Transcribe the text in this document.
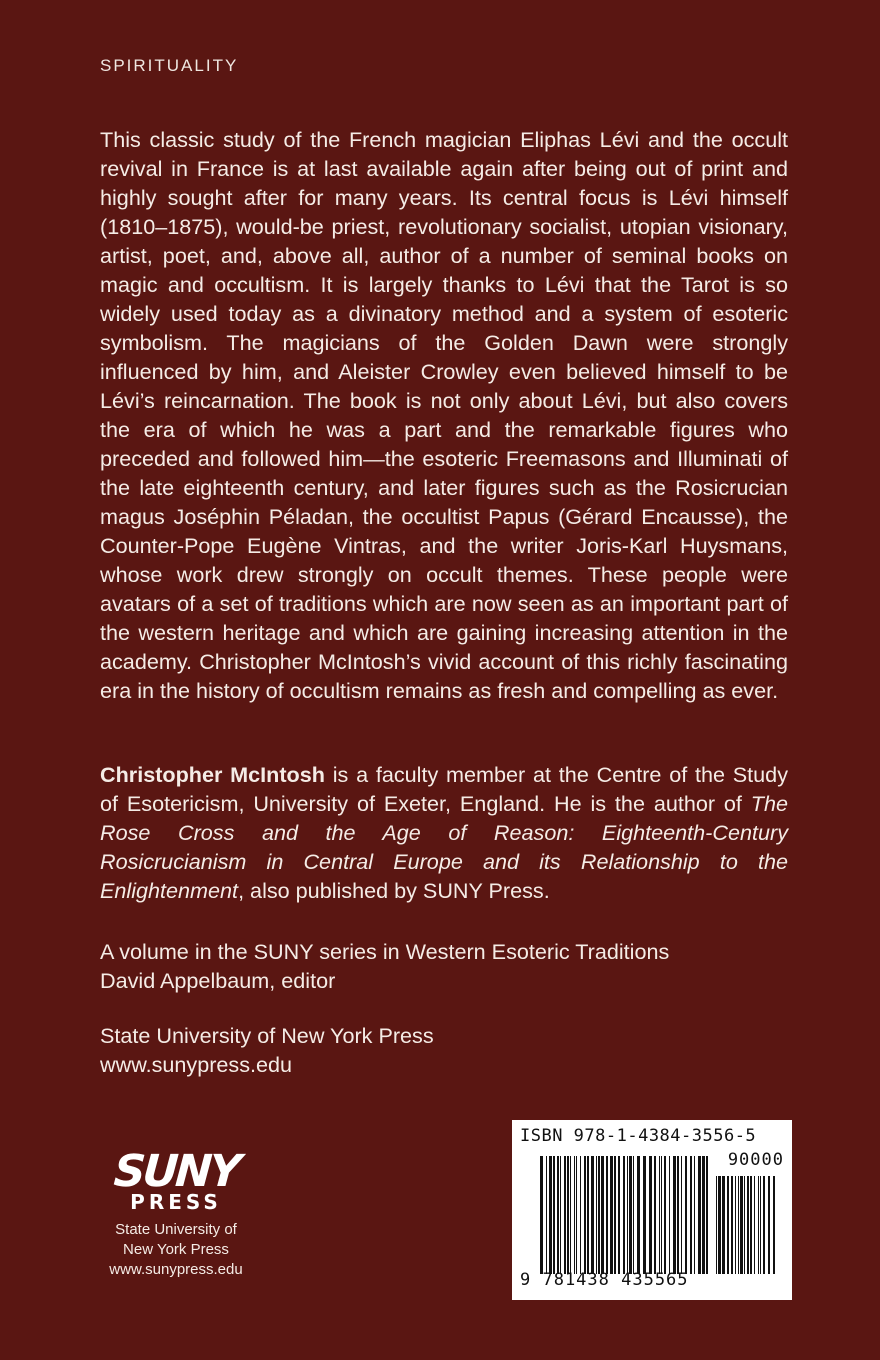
SPIRITUALITY
This classic study of the French magician Eliphas Lévi and the occult revival in France is at last available again after being out of print and highly sought after for many years. Its central focus is Lévi himself (1810–1875), would-be priest, revolutionary socialist, utopian visionary, artist, poet, and, above all, author of a number of seminal books on magic and occultism. It is largely thanks to Lévi that the Tarot is so widely used today as a divinatory method and a system of esoteric symbolism. The magicians of the Golden Dawn were strongly influenced by him, and Aleister Crowley even believed himself to be Lévi’s reincarnation. The book is not only about Lévi, but also covers the era of which he was a part and the remarkable figures who preceded and followed him—the esoteric Freemasons and Illuminati of the late eighteenth century, and later figures such as the Rosicrucian magus Joséphin Péladan, the occultist Papus (Gérard Encausse), the Counter-Pope Eugène Vintras, and the writer Joris-Karl Huysmans, whose work drew strongly on occult themes. These people were avatars of a set of traditions which are now seen as an important part of the western heritage and which are gaining increasing attention in the academy. Christopher McIntosh’s vivid account of this richly fascinating era in the history of occultism remains as fresh and compelling as ever.
Christopher McIntosh is a faculty member at the Centre of the Study of Esotericism, University of Exeter, England. He is the author of The Rose Cross and the Age of Reason: Eighteenth-Century Rosicrucianism in Central Europe and its Relationship to the Enlightenment, also published by SUNY Press.
A volume in the SUNY series in Western Esoteric Traditions
David Appelbaum, editor
State University of New York Press
www.sunypress.edu
SUNY
PRESS
State University of
New York Press
www.sunypress.edu
ISBN 978-1-4384-3556-5
90000
9 781438 435565
